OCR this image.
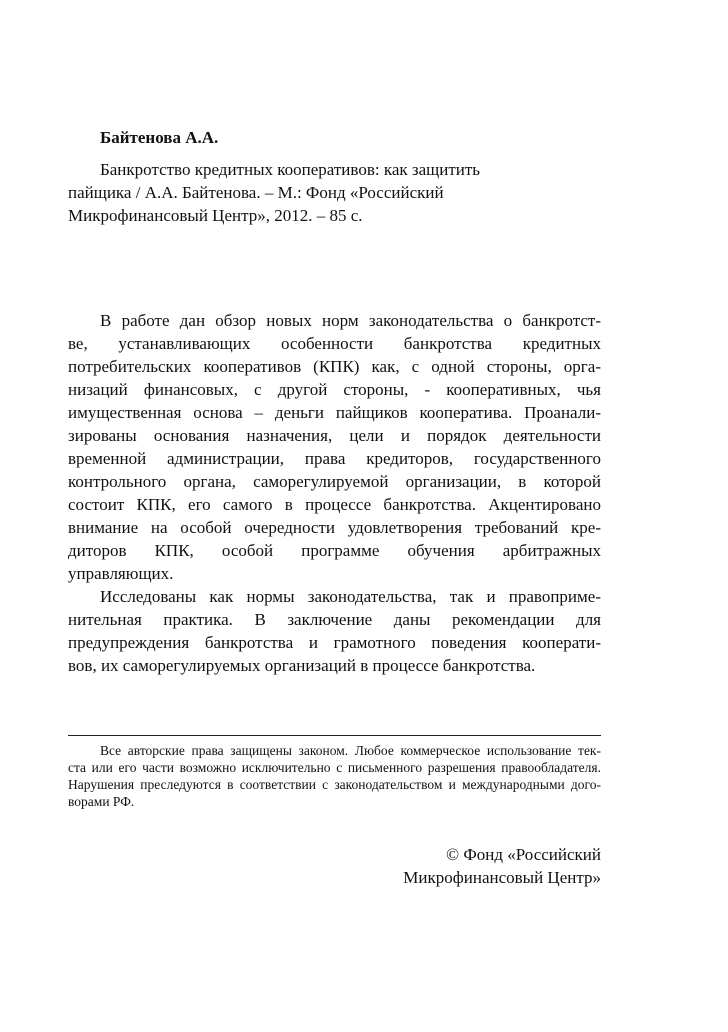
Байтенова А.А.
Банкротство кредитных кооперативов: как защитить
пайщика / А.А. Байтенова. – М.: Фонд «Российский
Микрофинансовый Центр», 2012. – 85 с.
В работе дан обзор новых норм законодательства о банкротст-
ве, устанавливающих особенности банкротства кредитных
потребительских кооперативов (КПК) как, с одной стороны, орга-
низаций финансовых, с другой стороны, - кооперативных, чья
имущественная основа – деньги пайщиков кооператива. Проанали-
зированы основания назначения, цели и порядок деятельности
временной администрации, права кредиторов, государственного
контрольного органа, саморегулируемой организации, в которой
состоит КПК, его самого в процессе банкротства. Акцентировано
внимание на особой очередности удовлетворения требований кре-
диторов КПК, особой программе обучения арбитражных
управляющих.
Исследованы как нормы законодательства, так и правоприме-
нительная практика. В заключение даны рекомендации для
предупреждения банкротства и грамотного поведения кооперати-
вов, их саморегулируемых организаций в процессе банкротства.
Все авторские права защищены законом. Любое коммерческое использование тек-
ста или его части возможно исключительно с письменного разрешения правообладателя.
Нарушения преследуются в соответствии с законодательством и международными дого-
ворами РФ.
© Фонд «Российский
Микрофинансовый Центр»
